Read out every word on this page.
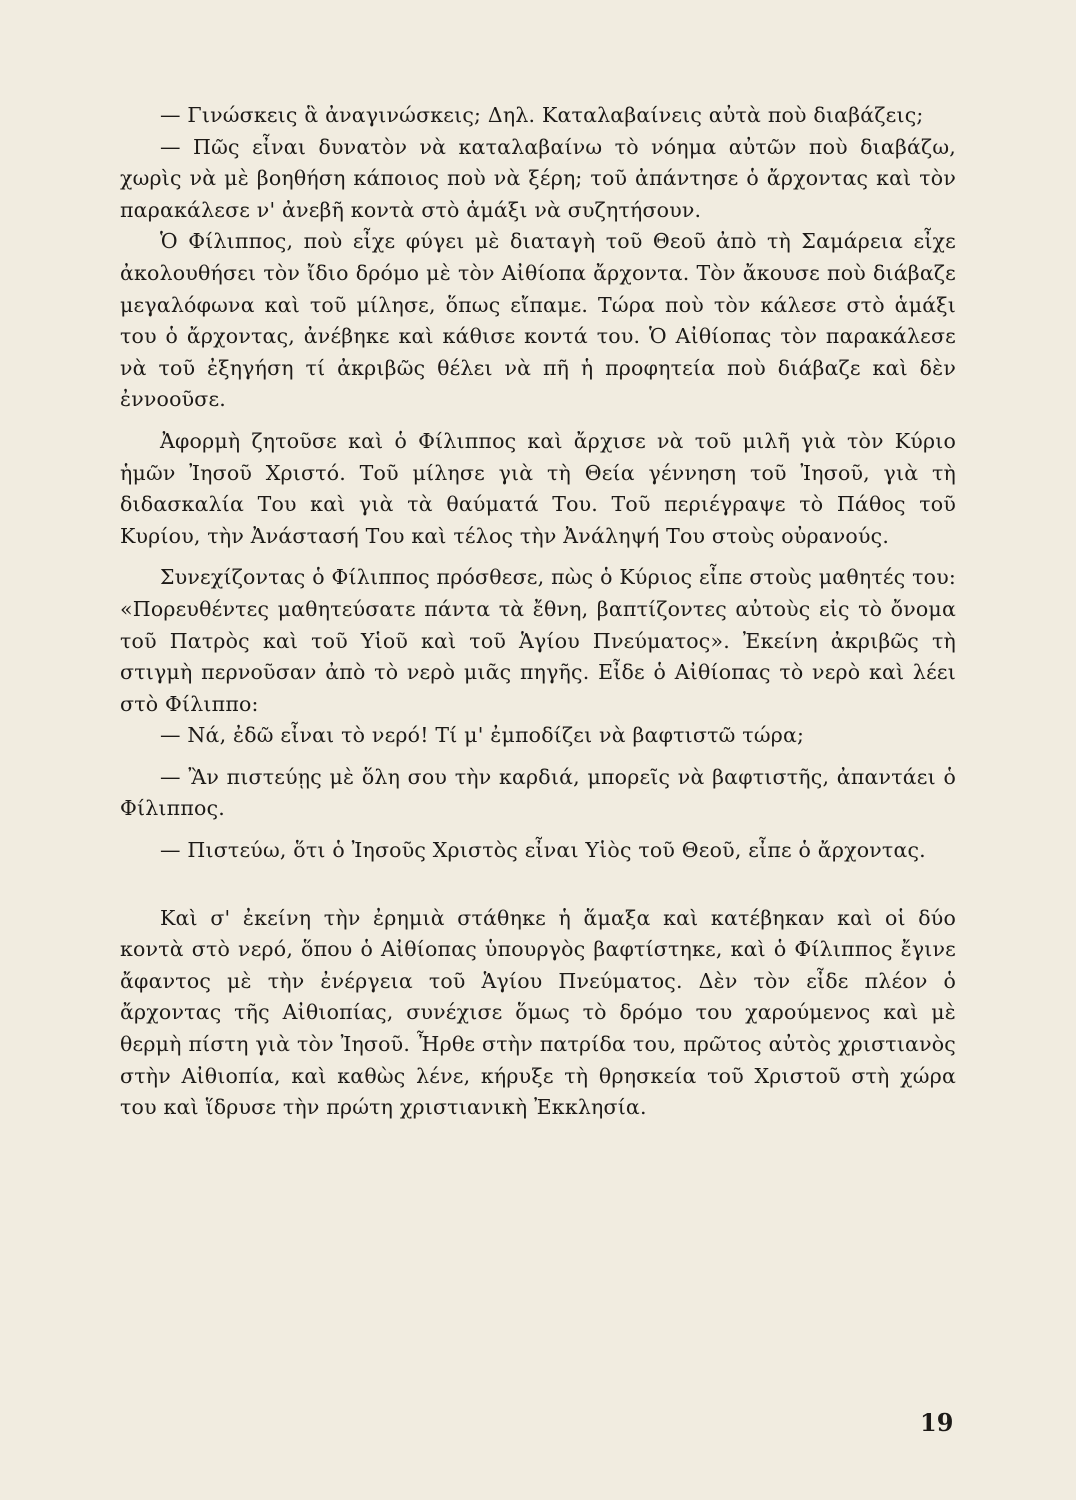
— Γινώσκεις ἃ ἀναγινώσκεις; Δηλ. Καταλαβαίνεις αὐτὰ ποὺ διαβάζεις;

— Πῶς εἶναι δυνατὸν νὰ καταλαβαίνω τὸ νόημα αὐτῶν ποὺ διαβάζω, χωρὶς νὰ μὲ βοηθήση κάποιος ποὺ νὰ ξέρη; τοῦ ἀπάντησε ὁ ἄρχοντας καὶ τὸν παρακάλεσε ν' ἀνεβῆ κοντὰ στὸ ἁμάξι νὰ συζητήσουν.

Ὁ Φίλιππος, ποὺ εἶχε φύγει μὲ διαταγὴ τοῦ Θεοῦ ἀπὸ τὴ Σαμάρεια εἶχε ἀκολουθήσει τὸν ἴδιο δρόμο μὲ τὸν Αἰθίοπα ἄρχοντα. Τὸν ἄκουσε ποὺ διάβαζε μεγαλόφωνα καὶ τοῦ μίλησε, ὅπως εἴπαμε. Τώρα ποὺ τὸν κάλεσε στὸ ἁμάξι του ὁ ἄρχοντας, ἀνέβηκε καὶ κάθισε κοντά του. Ὁ Αἰθίοπας τὸν παρακάλεσε νὰ τοῦ ἐξηγήση τί ἀκριβῶς θέλει νὰ πῆ ἡ προφητεία ποὺ διάβαζε καὶ δὲν ἐννοοῦσε.

Ἀφορμὴ ζητοῦσε καὶ ὁ Φίλιππος καὶ ἄρχισε νὰ τοῦ μιλῆ γιὰ τὸν Κύριο ἡμῶν Ἰησοῦ Χριστό. Τοῦ μίλησε γιὰ τὴ Θεία γέννηση τοῦ Ἰησοῦ, γιὰ τὴ διδασκαλία Του καὶ γιὰ τὰ θαύματά Του. Τοῦ περιέγραψε τὸ Πάθος τοῦ Κυρίου, τὴν Ἀνάστασή Του καὶ τέλος τὴν Ἀνάληψή Του στοὺς οὐρανούς.

Συνεχίζοντας ὁ Φίλιππος πρόσθεσε, πὼς ὁ Κύριος εἶπε στοὺς μαθητές του: «Πορευθέντες μαθητεύσατε πάντα τὰ ἔθνη, βαπτίζοντες αὐτοὺς εἰς τὸ ὄνομα τοῦ Πατρὸς καὶ τοῦ Υἱοῦ καὶ τοῦ Ἁγίου Πνεύματος». Ἐκείνη ἀκριβῶς τὴ στιγμὴ περνοῦσαν ἀπὸ τὸ νερὸ μιᾶς πηγῆς. Εἶδε ὁ Αἰθίοπας τὸ νερὸ καὶ λέει στὸ Φίλιππο:

— Νά, ἐδῶ εἶναι τὸ νερό! Τί μ' ἐμποδίζει νὰ βαφτιστῶ τώρα;

— Ἂν πιστεύῃς μὲ ὅλη σου τὴν καρδιά, μπορεῖς νὰ βαφτιστῆς, ἀπαντάει ὁ Φίλιππος.

— Πιστεύω, ὅτι ὁ Ἰησοῦς Χριστὸς εἶναι Υἱὸς τοῦ Θεοῦ, εἶπε ὁ ἄρχοντας.

Καὶ σ' ἐκείνη τὴν ἐρημιὰ στάθηκε ἡ ἅμαξα καὶ κατέβηκαν καὶ οἱ δύο κοντὰ στὸ νερό, ὅπου ὁ Αἰθίοπας ὑπουργὸς βαφτίστηκε, καὶ ὁ Φίλιππος ἔγινε ἄφαντος μὲ τὴν ἐνέργεια τοῦ Ἁγίου Πνεύματος. Δὲν τὸν εἶδε πλέον ὁ ἄρχοντας τῆς Αἰθιοπίας, συνέχισε ὅμως τὸ δρόμο του χαρούμενος καὶ μὲ θερμὴ πίστη γιὰ τὸν Ἰησοῦ. Ἦρθε στὴν πατρίδα του, πρῶτος αὐτὸς χριστιανὸς στὴν Αἰθιοπία, καὶ καθὼς λένε, κήρυξε τὴ θρησκεία τοῦ Χριστοῦ στὴ χώρα του καὶ ἵδρυσε τὴν πρώτη χριστιανικὴ Ἐκκλησία.

19
